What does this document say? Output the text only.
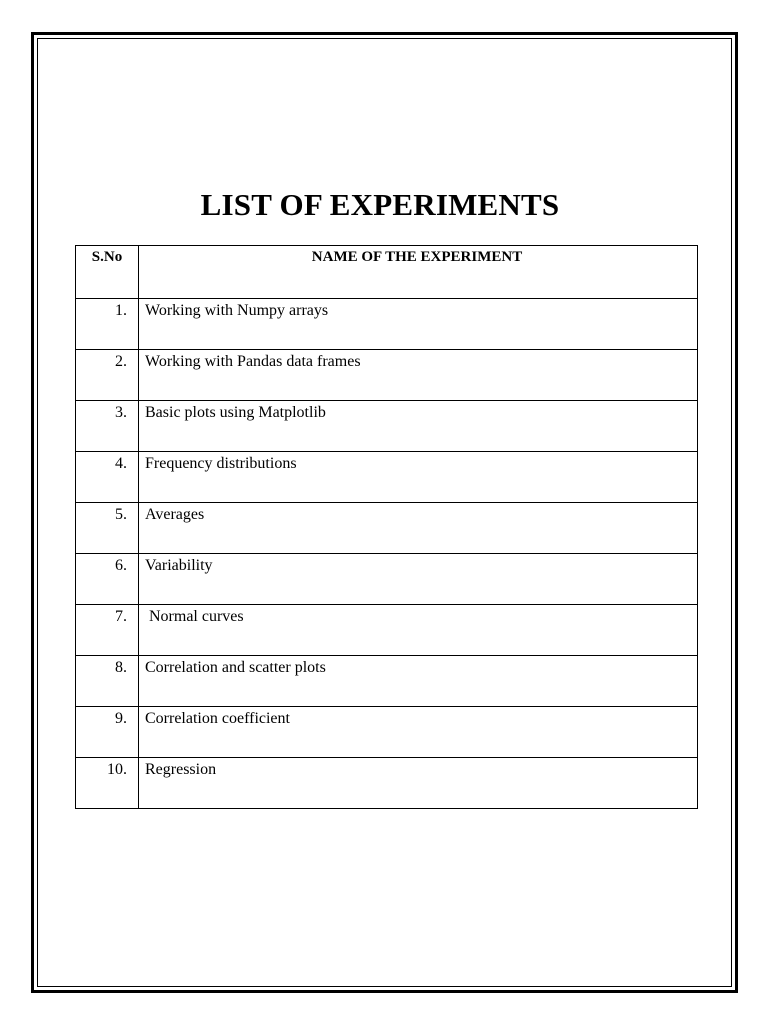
LIST OF EXPERIMENTS
S.No	NAME OF THE EXPERIMENT
1.	Working with Numpy arrays
2.	Working with Pandas data frames
3.	Basic plots using Matplotlib
4.	Frequency distributions
5.	Averages
6.	Variability
7.	Normal curves
8.	Correlation and scatter plots
9.	Correlation coefficient
10.	Regression
